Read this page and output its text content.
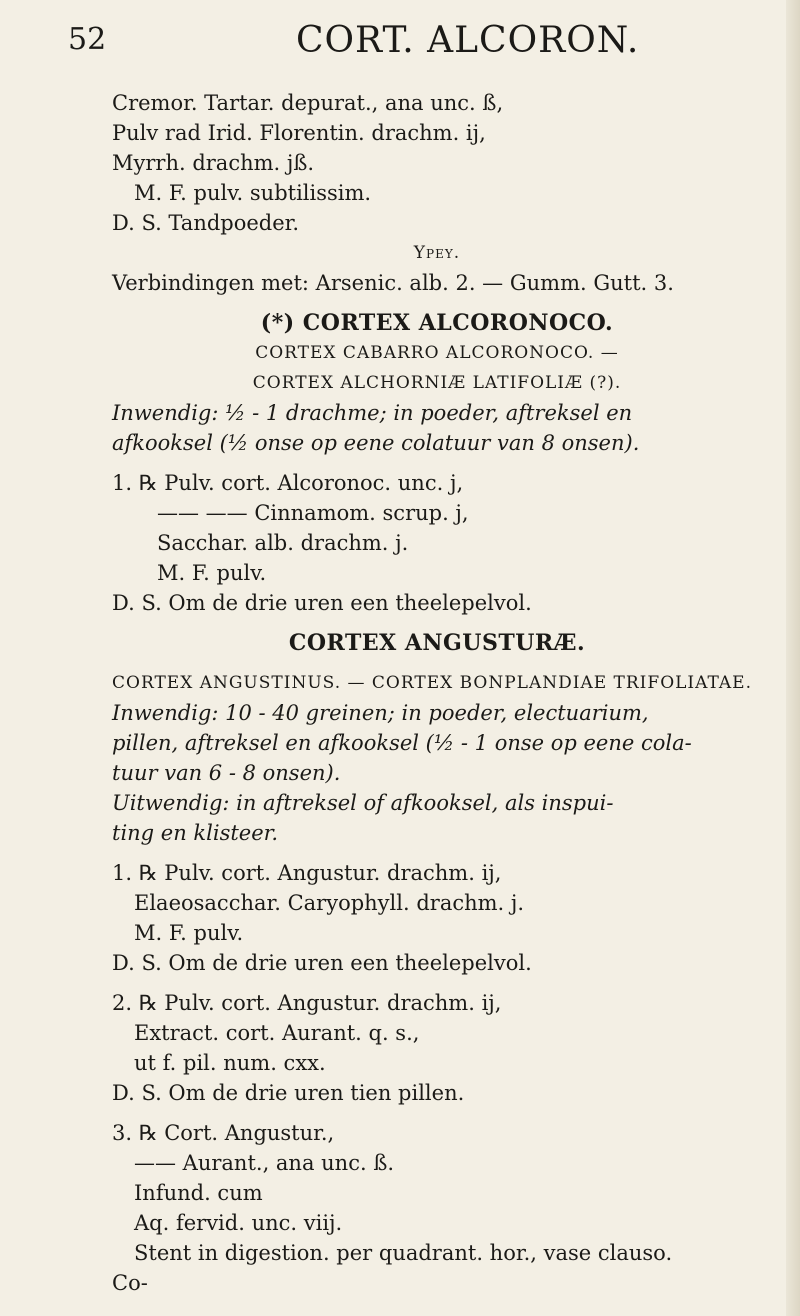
52	CORT. ALCORON.
Cremor. Tartar. depurat., ana unc. ß,
Pulv rad Irid. Florentin. drachm. ij,
Myrrh. drachm. jß.
M. F. pulv. subtilissim.
D. S. Tandpoeder.
Ypey.
Verbindingen met: Arsenic. alb. 2. — Gumm. Gutt. 3.
(*) CORTEX ALCORONOCO.
CORTEX CABARRO ALCORONOCO. —
CORTEX ALCHORNIÆ LATIFOLIÆ (?).
Inwendig: ½ - 1 drachme; in poeder, aftreksel en
afkooksel (½ onse op eene colatuur van 8 onsen).
1. ℞ Pulv. cort. Alcoronoc. unc. j,
—— —— Cinnamom. scrup. j,
Sacchar. alb. drachm. j.
M. F. pulv.
D. S. Om de drie uren een theelepelvol.
CORTEX ANGUSTURÆ.
CORTEX ANGUSTINUS. — CORTEX BONPLANDIAE TRIFOLIATAE.
Inwendig: 10 - 40 greinen; in poeder, electuarium,
pillen, aftreksel en afkooksel (½ - 1 onse op eene cola-
tuur van 6 - 8 onsen).
Uitwendig: in aftreksel of afkooksel, als inspui-
ting en klisteer.
1. ℞ Pulv. cort. Angustur. drachm. ij,
Elaeosacchar. Caryophyll. drachm. j.
M. F. pulv.
D. S. Om de drie uren een theelepelvol.
2. ℞ Pulv. cort. Angustur. drachm. ij,
Extract. cort. Aurant. q. s.,
ut f. pil. num. cxx.
D. S. Om de drie uren tien pillen.
3. ℞ Cort. Angustur.,
—— Aurant., ana unc. ß.
Infund. cum
Aq. fervid. unc. viij.
Stent in digestion. per quadrant. hor., vase clauso.
Co-
